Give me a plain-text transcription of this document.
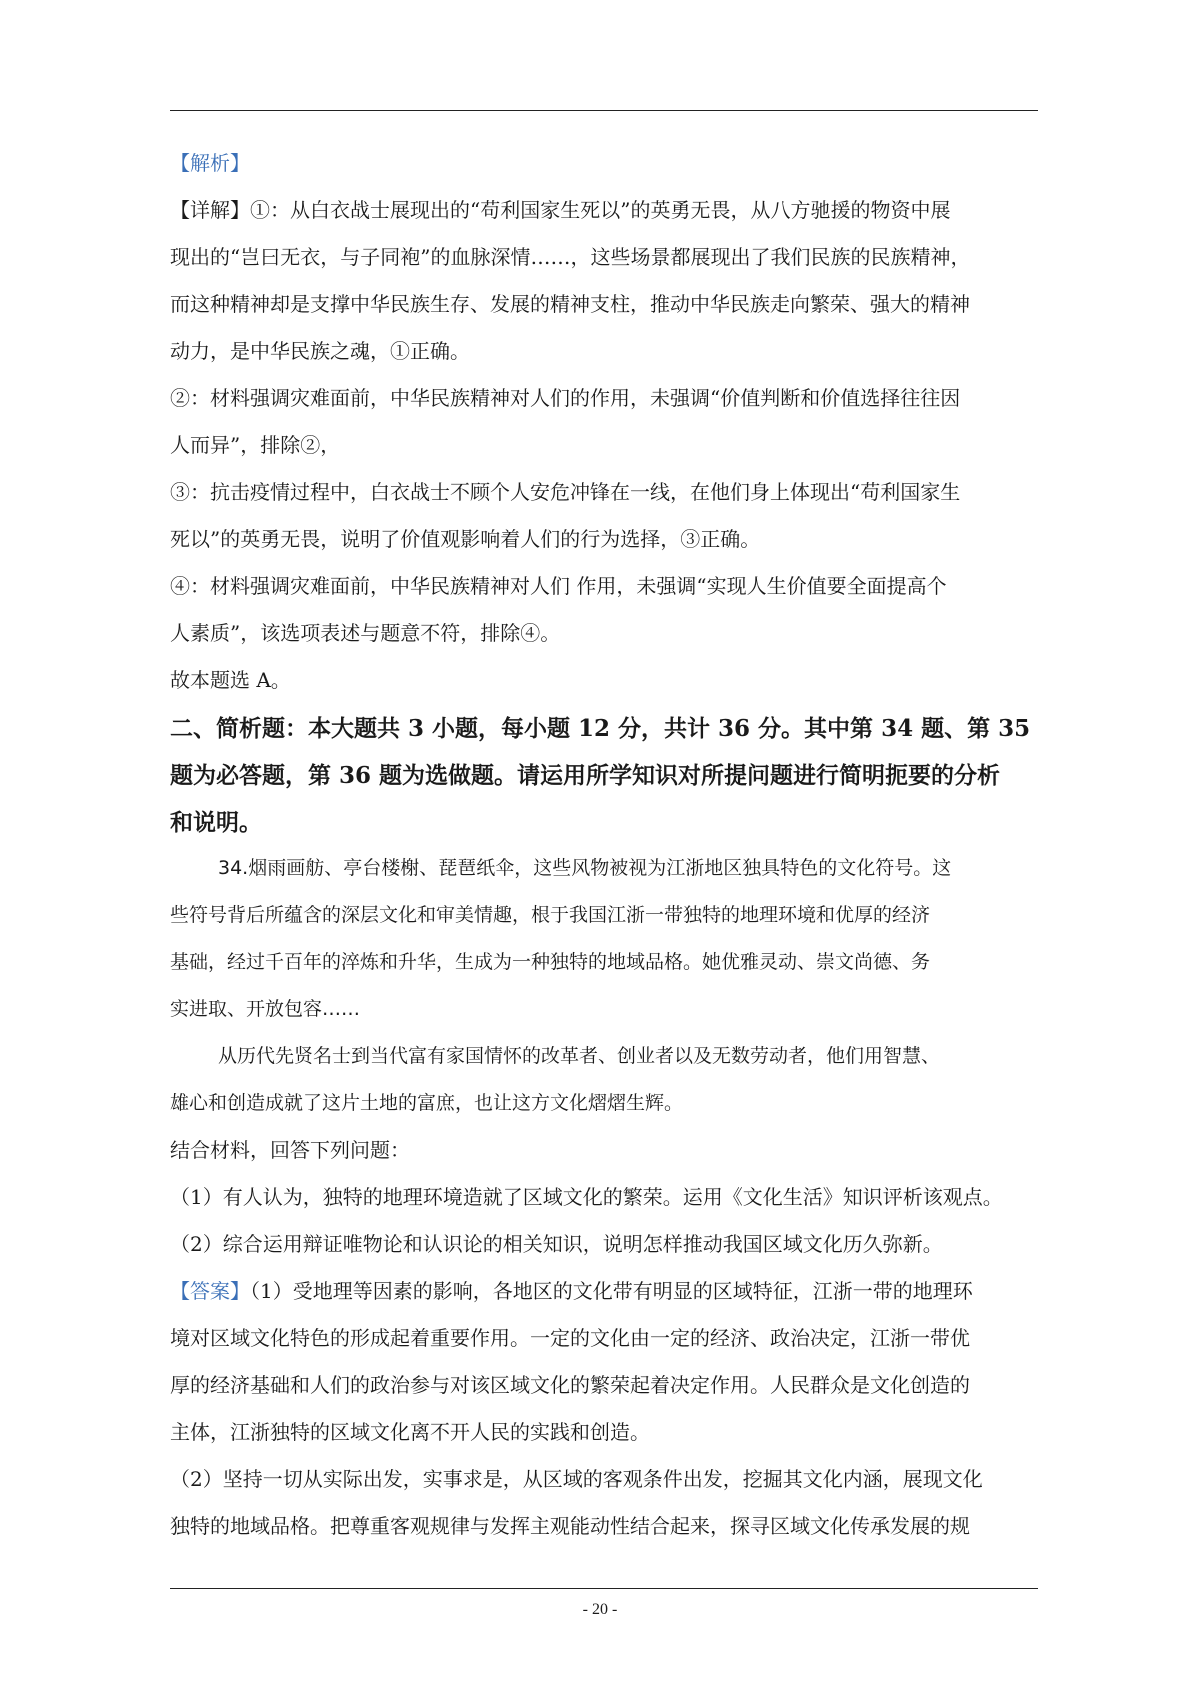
【解析】
【详解】①：从白衣战士展现出的“苟利国家生死以”的英勇无畏，从八方驰援的物资中展
现出的“岂曰无衣，与子同袍”的血脉深情……，这些场景都展现出了我们民族的民族精神，
而这种精神却是支撑中华民族生存、发展的精神支柱，推动中华民族走向繁荣、强大的精神
动力，是中华民族之魂，①正确。
②：材料强调灾难面前，中华民族精神对人们的作用，未强调“价值判断和价值选择往往因
人而异”，排除②，
③：抗击疫情过程中，白衣战士不顾个人安危冲锋在一线，在他们身上体现出“苟利国家生
死以”的英勇无畏，说明了价值观影响着人们的行为选择，③正确。
④：材料强调灾难面前，中华民族精神对人们 作用，未强调“实现人生价值要全面提高个
人素质”，该选项表述与题意不符，排除④。
故本题选 A。
二、简析题：本大题共 3 小题，每小题 12 分，共计 36 分。其中第 34 题、第 35
题为必答题，第 36 题为选做题。请运用所学知识对所提问题进行简明扼要的分析
和说明。
34.烟雨画舫、亭台楼榭、琵琶纸伞，这些风物被视为江浙地区独具特色的文化符号。这
些符号背后所蕴含的深层文化和审美情趣，根于我国江浙一带独特的地理环境和优厚的经济
基础，经过千百年的淬炼和升华，生成为一种独特的地域品格。她优雅灵动、崇文尚德、务
实进取、开放包容……
从历代先贤名士到当代富有家国情怀的改革者、创业者以及无数劳动者，他们用智慧、
雄心和创造成就了这片土地的富庶，也让这方文化熠熠生辉。
结合材料，回答下列问题：
（1）有人认为，独特的地理环境造就了区域文化的繁荣。运用《文化生活》知识评析该观点。
（2）综合运用辩证唯物论和认识论的相关知识，说明怎样推动我国区域文化历久弥新。
【答案】（1）受地理等因素的影响，各地区的文化带有明显的区域特征，江浙一带的地理环
境对区域文化特色的形成起着重要作用。一定的文化由一定的经济、政治决定，江浙一带优
厚的经济基础和人们的政治参与对该区域文化的繁荣起着决定作用。人民群众是文化创造的
主体，江浙独特的区域文化离不开人民的实践和创造。
（2）坚持一切从实际出发，实事求是，从区域的客观条件出发，挖掘其文化内涵，展现文化
独特的地域品格。把尊重客观规律与发挥主观能动性结合起来，探寻区域文化传承发展的规
- 20 -
